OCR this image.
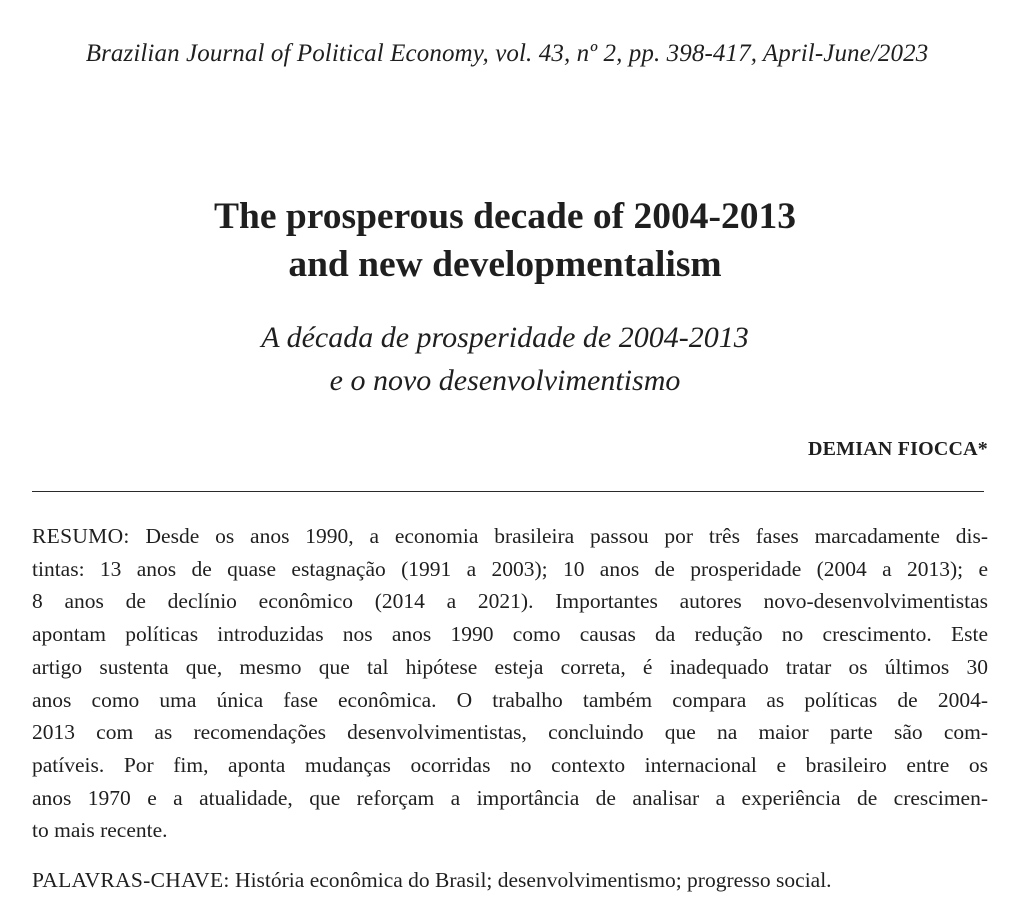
Brazilian Journal of Political Economy, vol. 43, nº 2, pp. 398-417, April-June/2023
The prosperous decade of 2004-2013
and new developmentalism
A década de prosperidade de 2004-2013
e o novo desenvolvimentismo
DEMIAN FIOCCA*
RESUMO: Desde os anos 1990, a economia brasileira passou por três fases marcadamente dis-
tintas: 13 anos de quase estagnação (1991 a 2003); 10 anos de prosperidade (2004 a 2013); e
8 anos de declínio econômico (2014 a 2021). Importantes autores novo-desenvolvimentistas
apontam políticas introduzidas nos anos 1990 como causas da redução no crescimento. Este
artigo sustenta que, mesmo que tal hipótese esteja correta, é inadequado tratar os últimos 30
anos como uma única fase econômica. O trabalho também compara as políticas de 2004-
2013 com as recomendações desenvolvimentistas, concluindo que na maior parte são com-
patíveis. Por fim, aponta mudanças ocorridas no contexto internacional e brasileiro entre os
anos 1970 e a atualidade, que reforçam a importância de analisar a experiência de crescimen-
to mais recente.
PALAVRAS-CHAVE: História econômica do Brasil; desenvolvimentismo; progresso social.
